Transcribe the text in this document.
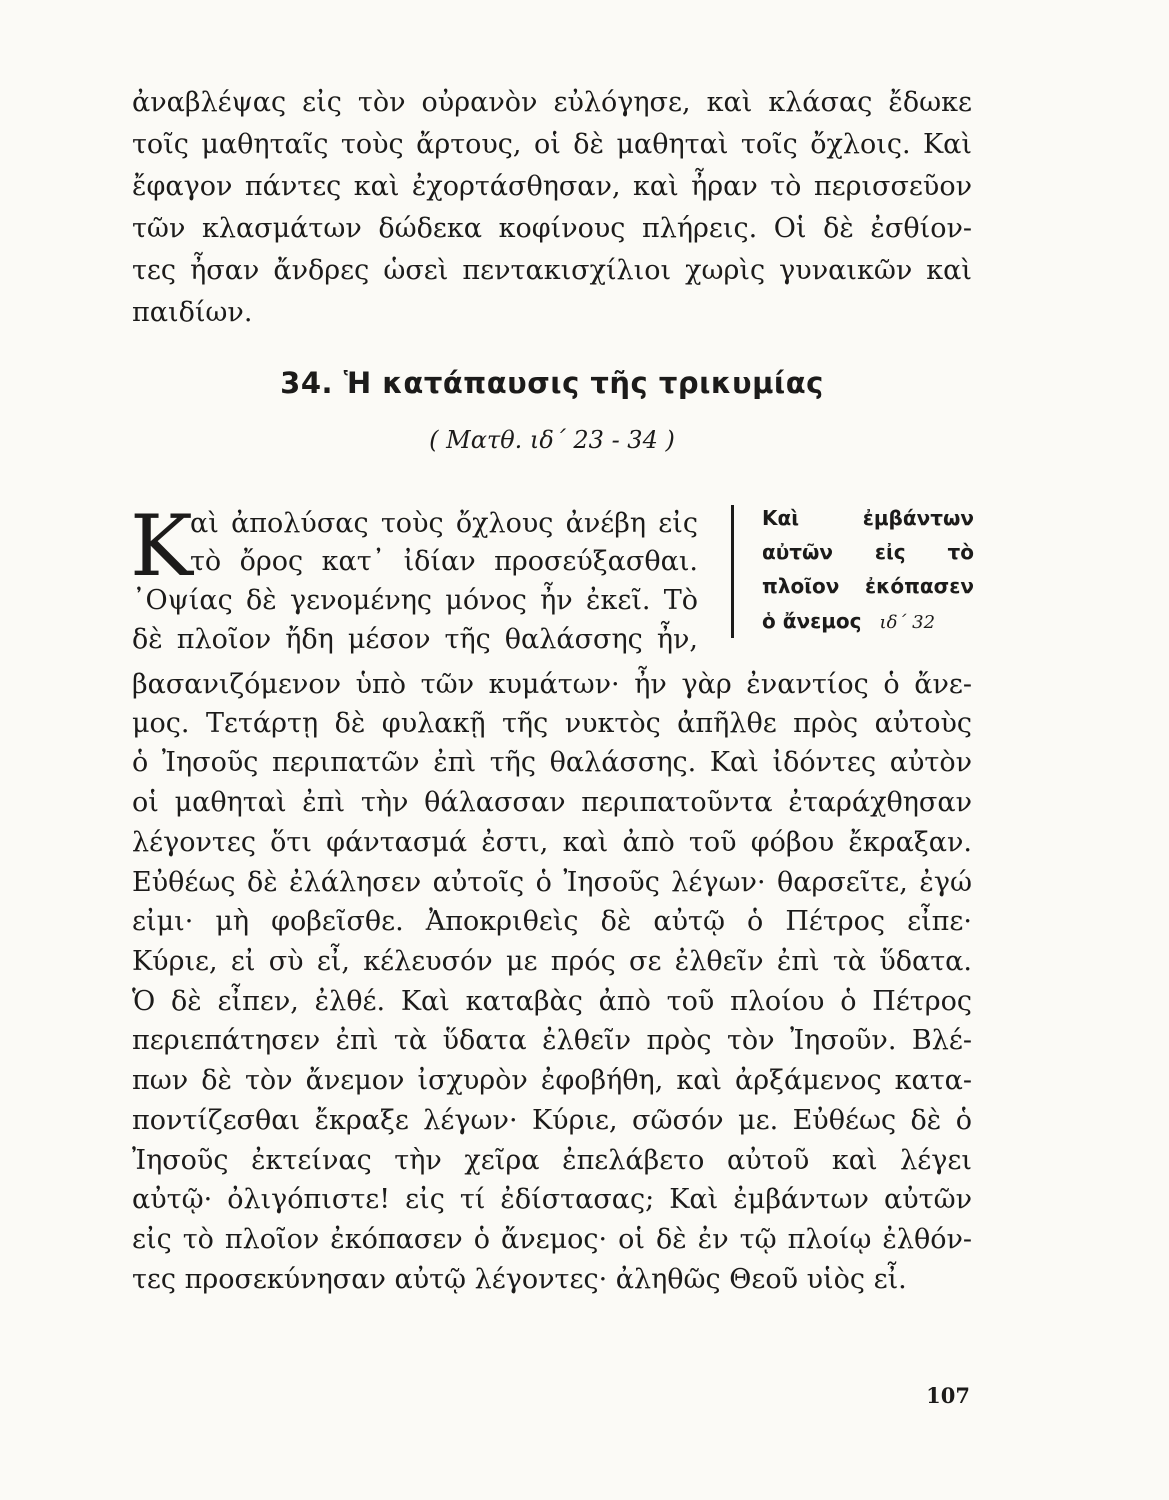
ἀναβλέψας εἰς τὸν οὐρανὸν εὐλόγησε, καὶ κλάσας ἔδωκε
τοῖς μαθηταῖς τοὺς ἄρτους, οἱ δὲ μαθηταὶ τοῖς ὄχλοις. Καὶ
ἔφαγον πάντες καὶ ἐχορτάσθησαν, καὶ ἦραν τὸ περισσεῦον
τῶν κλασμάτων δώδεκα κοφίνους πλήρεις. Οἱ δὲ ἐσθίον-
τες ἦσαν ἄνδρες ὡσεὶ πεντακισχίλιοι χωρὶς γυναικῶν καὶ
παιδίων.
34. Ἡ κατάπαυσις τῆς τρικυμίας
( Ματθ. ιδ΄ 23 - 34 )
K
αὶ ἀπολύσας τοὺς ὄχλους ἀνέβη εἰς
τὸ ὄρος κατ᾽ ἰδίαν προσεύξασθαι.
᾽Οψίας δὲ γενομένης μόνος ἦν ἐκεῖ. Τὸ
δὲ πλοῖον ἤδη μέσον τῆς θαλάσσης ἦν,
Καὶ ἐμβάντων
αὐτῶν εἰς τὸ
πλοῖον ἐκόπασεν
ὁ ἄνεμος ιδ΄ 32
βασανιζόμενον ὑπὸ τῶν κυμάτων· ἦν γὰρ ἐναντίος ὁ ἄνε-
μος. Τετάρτῃ δὲ φυλακῇ τῆς νυκτὸς ἀπῆλθε πρὸς αὐτοὺς
ὁ Ἰησοῦς περιπατῶν ἐπὶ τῆς θαλάσσης. Καὶ ἰδόντες αὐτὸν
οἱ μαθηταὶ ἐπὶ τὴν θάλασσαν περιπατοῦντα ἐταράχθησαν
λέγοντες ὅτι φάντασμά ἐστι, καὶ ἀπὸ τοῦ φόβου ἔκραξαν.
Εὐθέως δὲ ἐλάλησεν αὐτοῖς ὁ Ἰησοῦς λέγων· θαρσεῖτε, ἐγώ
εἰμι· μὴ φοβεῖσθε. Ἀποκριθεὶς δὲ αὐτῷ ὁ Πέτρος εἶπε·
Κύριε, εἰ σὺ εἶ, κέλευσόν με πρός σε ἐλθεῖν ἐπὶ τὰ ὕδατα.
Ὁ δὲ εἶπεν, ἐλθέ. Καὶ καταβὰς ἀπὸ τοῦ πλοίου ὁ Πέτρος
περιεπάτησεν ἐπὶ τὰ ὕδατα ἐλθεῖν πρὸς τὸν Ἰησοῦν. Βλέ-
πων δὲ τὸν ἄνεμον ἰσχυρὸν ἐφοβήθη, καὶ ἀρξάμενος κατα-
ποντίζεσθαι ἔκραξε λέγων· Κύριε, σῶσόν με. Εὐθέως δὲ ὁ
Ἰησοῦς ἐκτείνας τὴν χεῖρα ἐπελάβετο αὐτοῦ καὶ λέγει
αὐτῷ· ὀλιγόπιστε! εἰς τί ἐδίστασας; Καὶ ἐμβάντων αὐτῶν
εἰς τὸ πλοῖον ἐκόπασεν ὁ ἄνεμος· οἱ δὲ ἐν τῷ πλοίῳ ἐλθόν-
τες προσεκύνησαν αὐτῷ λέγοντες· ἀληθῶς Θεοῦ υἱὸς εἶ.
107
